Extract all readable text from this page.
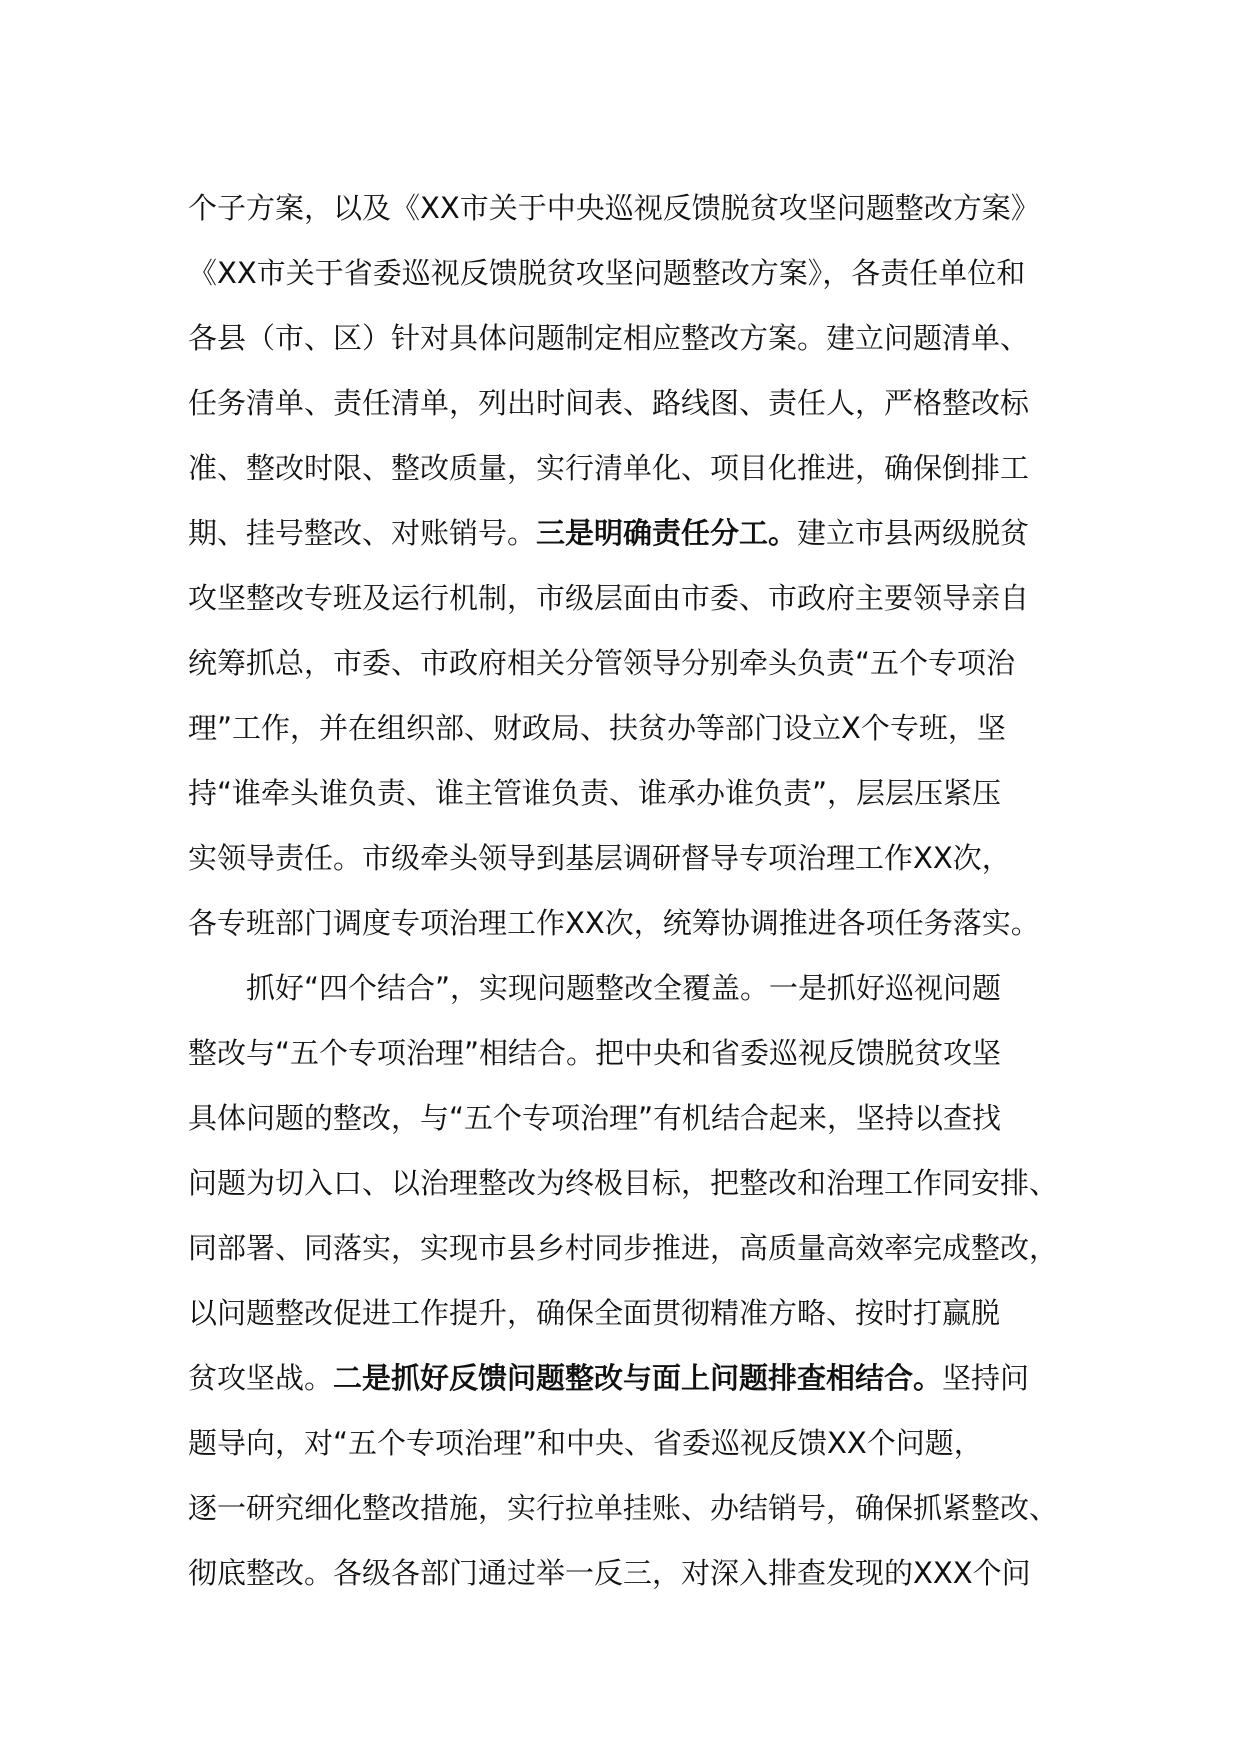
个子方案，以及《XX市关于中央巡视反馈脱贫攻坚问题整改方案》
《XX市关于省委巡视反馈脱贫攻坚问题整改方案》，各责任单位和
各县（市、区）针对具体问题制定相应整改方案。建立问题清单、
任务清单、责任清单，列出时间表、路线图、责任人，严格整改标
准、整改时限、整改质量，实行清单化、项目化推进，确保倒排工
期、挂号整改、对账销号。三是明确责任分工。建立市县两级脱贫
攻坚整改专班及运行机制，市级层面由市委、市政府主要领导亲自
统筹抓总，市委、市政府相关分管领导分别牵头负责“五个专项治
理”工作，并在组织部、财政局、扶贫办等部门设立X个专班，坚
持“谁牵头谁负责、谁主管谁负责、谁承办谁负责”，层层压紧压
实领导责任。市级牵头领导到基层调研督导专项治理工作XX次，
各专班部门调度专项治理工作XX次，统筹协调推进各项任务落实。
抓好“四个结合”，实现问题整改全覆盖。一是抓好巡视问题
整改与“五个专项治理”相结合。把中央和省委巡视反馈脱贫攻坚
具体问题的整改，与“五个专项治理”有机结合起来，坚持以查找
问题为切入口、以治理整改为终极目标，把整改和治理工作同安排、
同部署、同落实，实现市县乡村同步推进，高质量高效率完成整改，
以问题整改促进工作提升，确保全面贯彻精准方略、按时打赢脱
贫攻坚战。二是抓好反馈问题整改与面上问题排查相结合。坚持问
题导向，对“五个专项治理”和中央、省委巡视反馈XX个问题，
逐一研究细化整改措施，实行拉单挂账、办结销号，确保抓紧整改、
彻底整改。各级各部门通过举一反三，对深入排查发现的XXX个问
